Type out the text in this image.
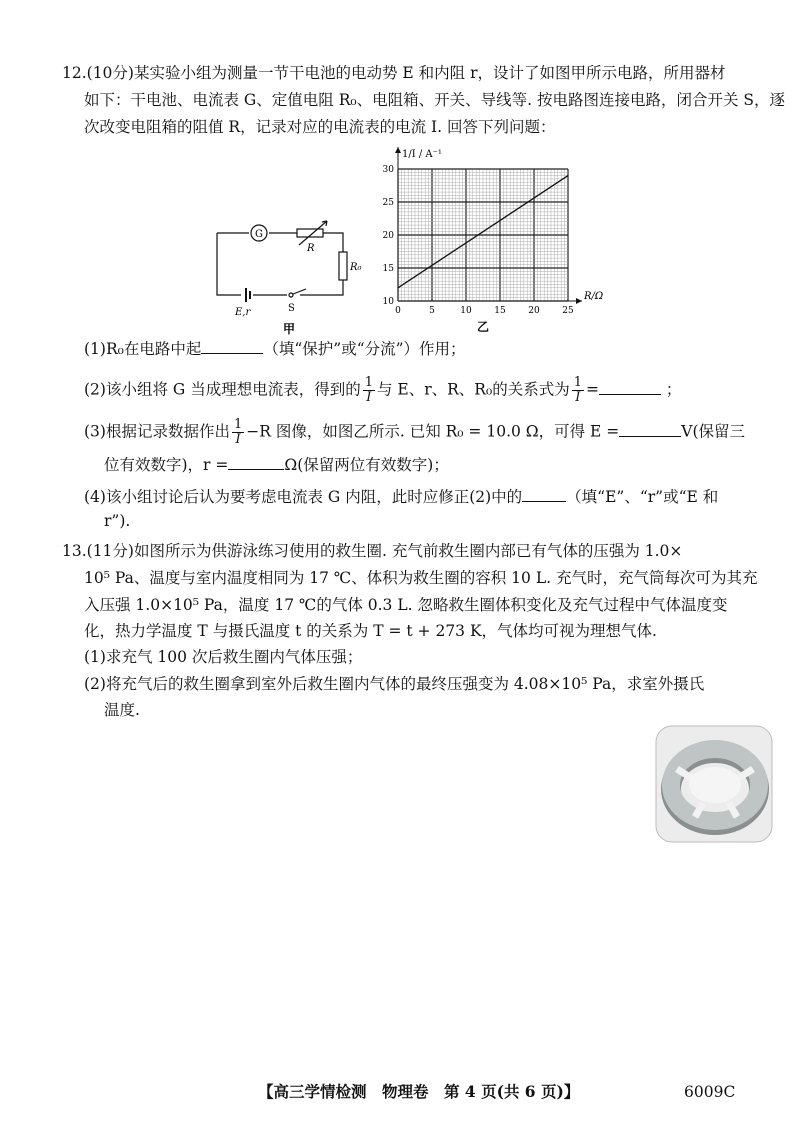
12.(10分)某实验小组为测量一节干电池的电动势 E 和内阻 r，设计了如图甲所示电路，所用器材
如下：干电池、电流表 G、定值电阻 R₀、电阻箱、开关、导线等. 按电路图连接电路，闭合开关 S，逐
次改变电阻箱的阻值 R，记录对应的电流表的电流 I. 回答下列问题：
G
R
R₀
E,r	S
甲
0	5	10	15	20	25
10
15
20
25
30
R/Ω
1/I / A⁻¹
乙
(1)R₀在电路中起	（填“保护”或“分流”）作用；
(2)该小组将 G 当成理想电流表，得到的 $\frac{1}{I}$ 与 E、r、R、R₀的关系式为 $\frac{1}{I}$ =	；
(3)根据记录数据作出 $\frac{1}{I} -R$ 图像，如图乙所示. 已知 R₀ = 10.0 Ω，可得 E =	V(保留三
位有效数字)，r =	Ω(保留两位有效数字)；
(4)该小组讨论后认为要考虑电流表 G 内阻，此时应修正(2)中的	（填“E”、“r”或“E 和
r”).
13.(11分)如图所示为供游泳练习使用的救生圈. 充气前救生圈内部已有气体的压强为 1.0×
10⁵ Pa、温度与室内温度相同为 17 ℃、体积为救生圈的容积 10 L. 充气时，充气筒每次可为其充
入压强 1.0×10⁵ Pa，温度 17 ℃的气体 0.3 L. 忽略救生圈体积变化及充气过程中气体温度变
化，热力学温度 T 与摄氏温度 t 的关系为 T = t + 273 K，气体均可视为理想气体.
(1)求充气 100 次后救生圈内气体压强；
(2)将充气后的救生圈拿到室外后救生圈内气体的最终压强变为 4.08×10⁵ Pa，求室外摄氏
温度.
【高三学情检测　物理卷　第 4 页(共 6 页)】	6009C
